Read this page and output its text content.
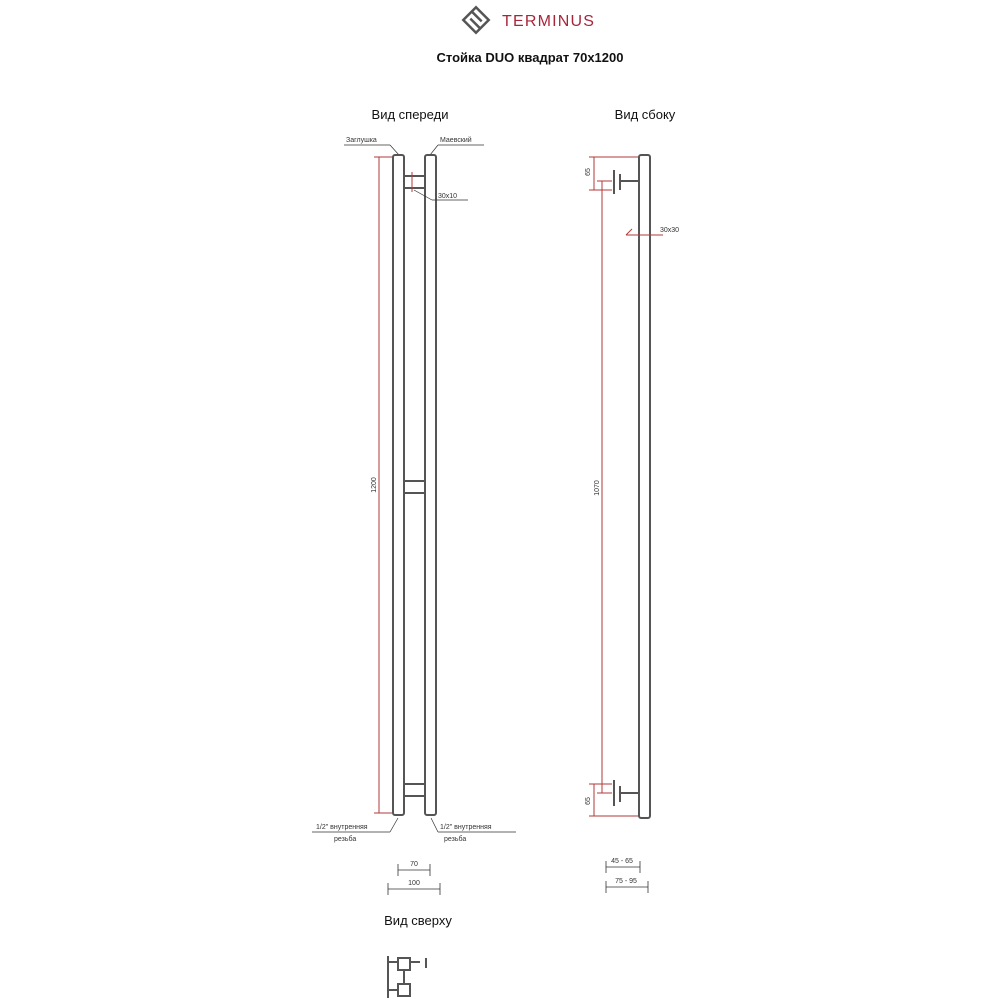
TERMINUS
Стойка DUO квадрат 70х1200
Вид спереди
Заглушка	Маевский
30х10
1200
1/2" внутренняя
резьба
1/2" внутренняя
резьба
70
100
Вид сбоку
65
1070
65
30х30
45 - 65
75 - 95
Вид сверху
